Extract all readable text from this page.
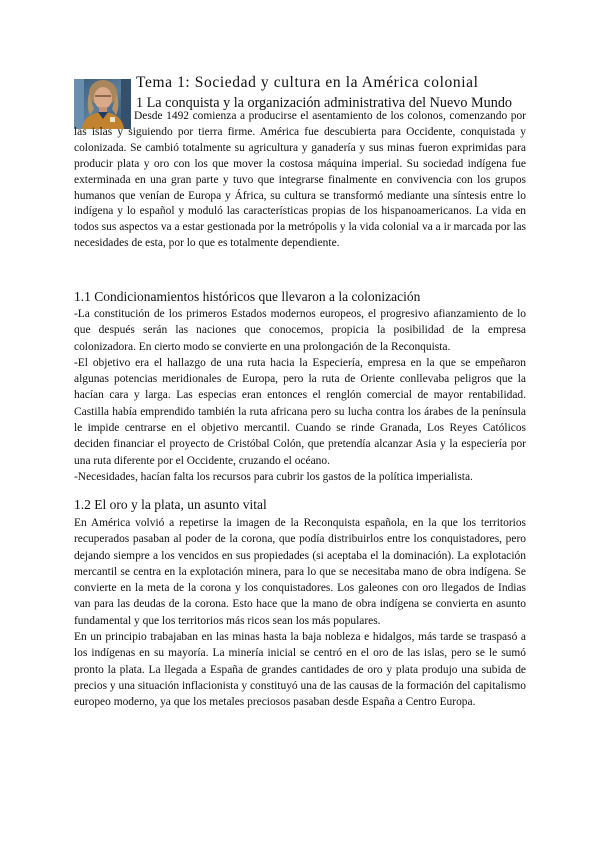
Tema 1: Sociedad y cultura en la América colonial
1 La conquista y la organización administrativa del Nuevo Mundo

Desde 1492 comienza a producirse el asentamiento de los colonos, comenzando por las islas y siguiendo por tierra firme. América fue descubierta para Occidente, conquistada y colonizada. Se cambió totalmente su agricultura y ganadería y sus minas fueron exprimidas para producir plata y oro con los que mover la costosa máquina imperial. Su sociedad indígena fue exterminada en una gran parte y tuvo que integrarse finalmente en convivencia con los grupos humanos que venían de Europa y África, su cultura se transformó mediante una síntesis entre lo indígena y lo español y moduló las características propias de los hispanoamericanos. La vida en todos sus aspectos va a estar gestionada por la metrópolis y la vida colonial va a ir marcada por las necesidades de esta, por lo que es totalmente dependiente.

1.1 Condicionamientos históricos que llevaron a la colonización

-La constitución de los primeros Estados modernos europeos, el progresivo afianzamiento de lo que después serán las naciones que conocemos, propicia la posibilidad de la empresa colonizadora. En cierto modo se convierte en una prolongación de la Reconquista.

-El objetivo era el hallazgo de una ruta hacia la Especiería, empresa en la que se empeñaron algunas potencias meridionales de Europa, pero la ruta de Oriente conllevaba peligros que la hacían cara y larga. Las especias eran entonces el renglón comercial de mayor rentabilidad. Castilla había emprendido también la ruta africana pero su lucha contra los árabes de la península le impide centrarse en el objetivo mercantil. Cuando se rinde Granada, Los Reyes Católicos deciden financiar el proyecto de Cristóbal Colón, que pretendía alcanzar Asia y la especiería por una ruta diferente por el Occidente, cruzando el océano.

-Necesidades, hacían falta los recursos para cubrir los gastos de la política imperialista.

1.2 El oro y la plata, un asunto vital

En América volvió a repetirse la imagen de la Reconquista española, en la que los territorios recuperados pasaban al poder de la corona, que podía distribuirlos entre los conquistadores, pero dejando siempre a los vencidos en sus propiedades (si aceptaba el la dominación). La explotación mercantil se centra en la explotación minera, para lo que se necesitaba mano de obra indígena. Se convierte en la meta de la corona y los conquistadores. Los galeones con oro llegados de Indias van para las deudas de la corona. Esto hace que la mano de obra indígena se convierta en asunto fundamental y que los territorios más ricos sean los más populares.

En un principio trabajaban en las minas hasta la baja nobleza e hidalgos, más tarde se traspasó a los indígenas en su mayoría. La minería inicial se centró en el oro de las islas, pero se le sumó pronto la plata. La llegada a España de grandes cantidades de oro y plata produjo una subida de precios y una situación inflacionista y constituyó una de las causas de la formación del capitalismo europeo moderno, ya que los metales preciosos pasaban desde España a Centro Europa.
